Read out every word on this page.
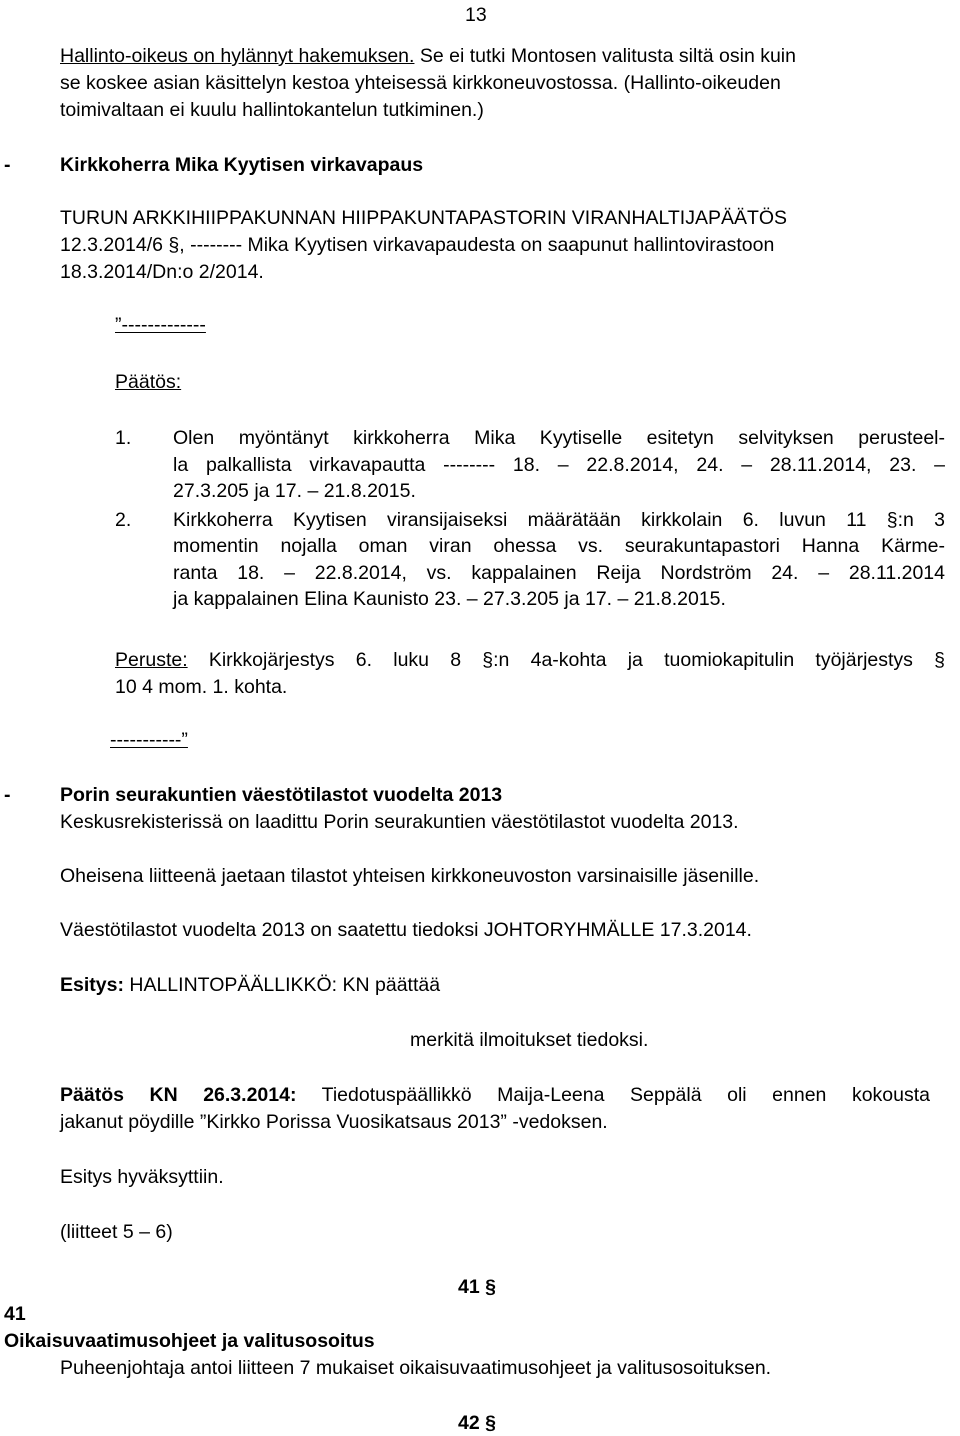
13
Hallinto-oikeus on hylännyt hakemuksen. Se ei tutki Montosen valitusta siltä osin kuin
se koskee asian käsittelyn kestoa yhteisessä kirkkoneuvostossa. (Hallinto-oikeuden
toimivaltaan ei kuulu hallintokantelun tutkiminen.)
-	Kirkkoherra Mika Kyytisen virkavapaus
TURUN ARKKIHIIPPAKUNNAN HIIPPAKUNTAPASTORIN VIRANHALTIJAPÄÄTÖS
12.3.2014/6 §, -------- Mika Kyytisen virkavapaudesta on saapunut hallintovirastoon
18.3.2014/Dn:o 2/2014.
”-------------
Päätös:
1. Olen myöntänyt kirkkoherra Mika Kyytiselle esitetyn selvityksen perusteel-
la palkallista virkavapautta -------- 18. – 22.8.2014, 24. – 28.11.2014, 23. –
27.3.205 ja 17. – 21.8.2015.
2. Kirkkoherra Kyytisen viransijaiseksi määrätään kirkkolain 6. luvun 11 §:n 3
momentin nojalla oman viran ohessa vs. seurakuntapastori Hanna Kärme-
ranta 18. – 22.8.2014, vs. kappalainen Reija Nordström 24. – 28.11.2014
ja kappalainen Elina Kaunisto 23. – 27.3.205 ja 17. – 21.8.2015.
Peruste: Kirkkojärjestys 6. luku 8 §:n 4a-kohta ja tuomiokapitulin työjärjestys §
10 4 mom. 1. kohta.
-----------”
-	Porin seurakuntien väestötilastot vuodelta 2013
Keskusrekisterissä on laadittu Porin seurakuntien väestötilastot vuodelta 2013.
Oheisena liitteenä jaetaan tilastot yhteisen kirkkoneuvoston varsinaisille jäsenille.
Väestötilastot vuodelta 2013 on saatettu tiedoksi JOHTORYHMÄLLE 17.3.2014.
Esitys: HALLINTOPÄÄLLIKKÖ: KN päättää
merkitä ilmoitukset tiedoksi.
Päätös KN 26.3.2014: Tiedotuspäällikkö Maija-Leena Seppälä oli ennen kokousta
jakanut pöydille ”Kirkko Porissa Vuosikatsaus 2013” -vedoksen.
Esitys hyväksyttiin.
(liitteet 5 – 6)
41 §
41
Oikaisuvaatimusohjeet ja valitusosoitus
Puheenjohtaja antoi liitteen 7 mukaiset oikaisuvaatimusohjeet ja valitusosoituksen.
42 §
